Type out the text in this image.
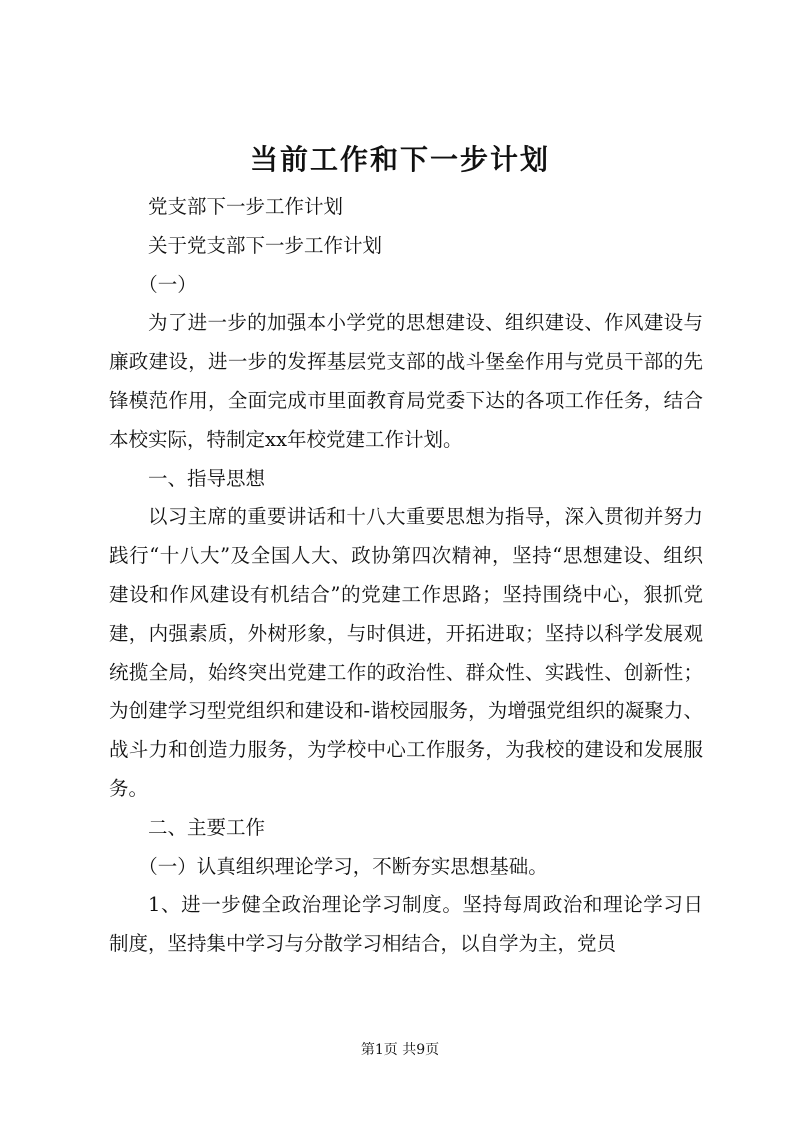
当前工作和下一步计划

党支部下一步工作计划

关于党支部下一步工作计划

（一）

为了进一步的加强本小学党的思想建设、组织建设、作风建设与廉政建设，进一步的发挥基层党支部的战斗堡垒作用与党员干部的先锋模范作用，全面完成市里面教育局党委下达的各项工作任务，结合本校实际，特制定xx年校党建工作计划。

一、指导思想

以习主席的重要讲话和十八大重要思想为指导，深入贯彻并努力践行“十八大”及全国人大、政协第四次精神，坚持“思想建设、组织建设和作风建设有机结合”的党建工作思路；坚持围绕中心，狠抓党建，内强素质，外树形象，与时俱进，开拓进取；坚持以科学发展观统揽全局，始终突出党建工作的政治性、群众性、实践性、创新性；为创建学习型党组织和建设和-谐校园服务，为增强党组织的凝聚力、战斗力和创造力服务，为学校中心工作服务，为我校的建设和发展服务。

二、主要工作

（一）认真组织理论学习，不断夯实思想基础。

1、进一步健全政治理论学习制度。坚持每周政治和理论学习日制度，坚持集中学习与分散学习相结合，以自学为主，党员

第1页 共9页
